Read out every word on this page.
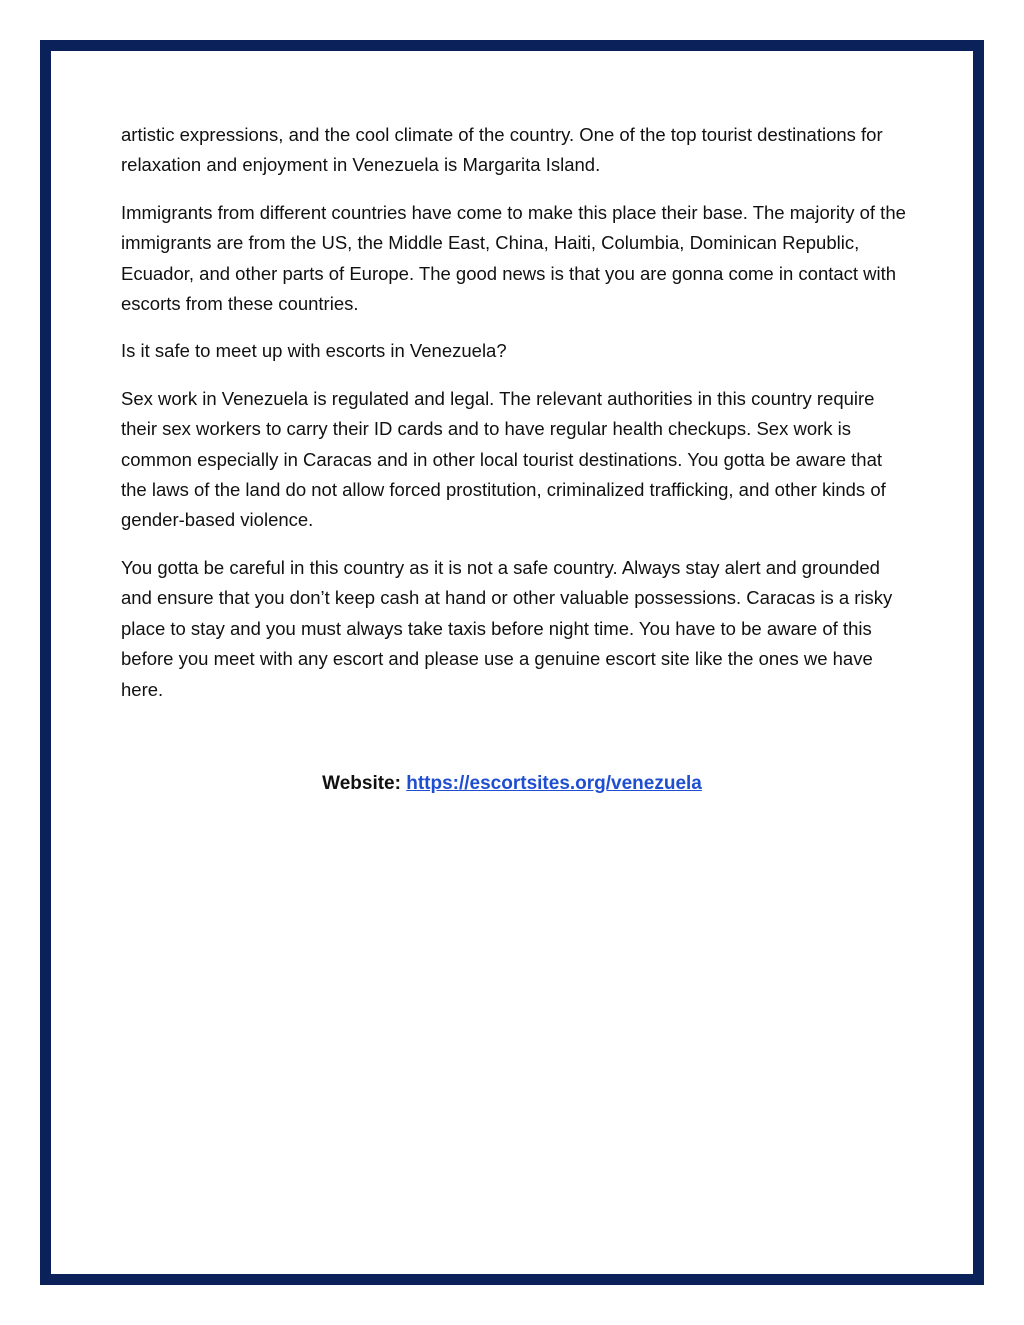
artistic expressions, and the cool climate of the country. One of the top tourist destinations for relaxation and enjoyment in Venezuela is Margarita Island.

Immigrants from different countries have come to make this place their base. The majority of the immigrants are from the US, the Middle East, China, Haiti, Columbia, Dominican Republic, Ecuador, and other parts of Europe. The good news is that you are gonna come in contact with escorts from these countries.

Is it safe to meet up with escorts in Venezuela?

Sex work in Venezuela is regulated and legal. The relevant authorities in this country require their sex workers to carry their ID cards and to have regular health checkups. Sex work is common especially in Caracas and in other local tourist destinations. You gotta be aware that the laws of the land do not allow forced prostitution, criminalized trafficking, and other kinds of gender-based violence.

You gotta be careful in this country as it is not a safe country. Always stay alert and grounded and ensure that you don’t keep cash at hand or other valuable possessions. Caracas is a risky place to stay and you must always take taxis before night time. You have to be aware of this before you meet with any escort and please use a genuine escort site like the ones we have here.

Website: https://escortsites.org/venezuela
